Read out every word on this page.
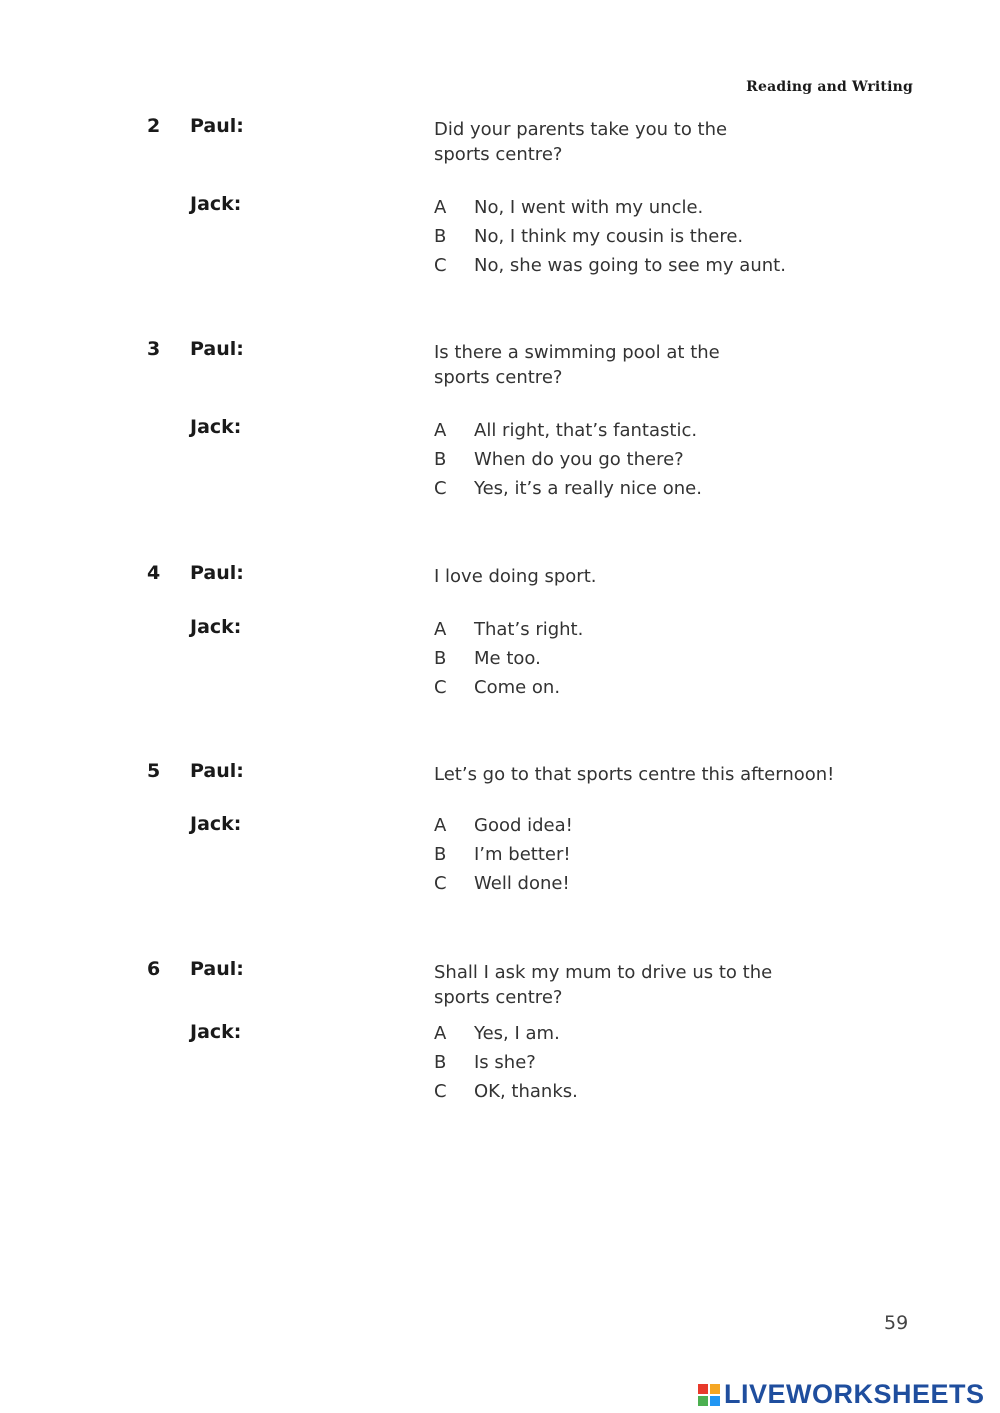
Reading and Writing
2 Paul:	Did your parents take you to the
sports centre?
Jack:	A No, I went with my uncle.
B No, I think my cousin is there.
C No, she was going to see my aunt.
3 Paul:	Is there a swimming pool at the
sports centre?
Jack:	A All right, that’s fantastic.
B When do you go there?
C Yes, it’s a really nice one.
4 Paul:	I love doing sport.
Jack:	A That’s right.
B Me too.
C Come on.
5 Paul:	Let’s go to that sports centre this afternoon!
Jack:	A Good idea!
B I’m better!
C Well done!
6 Paul:	Shall I ask my mum to drive us to the
sports centre?
Jack:	A Yes, I am.
B Is she?
C OK, thanks.
59
LIVEWORKSHEETS
